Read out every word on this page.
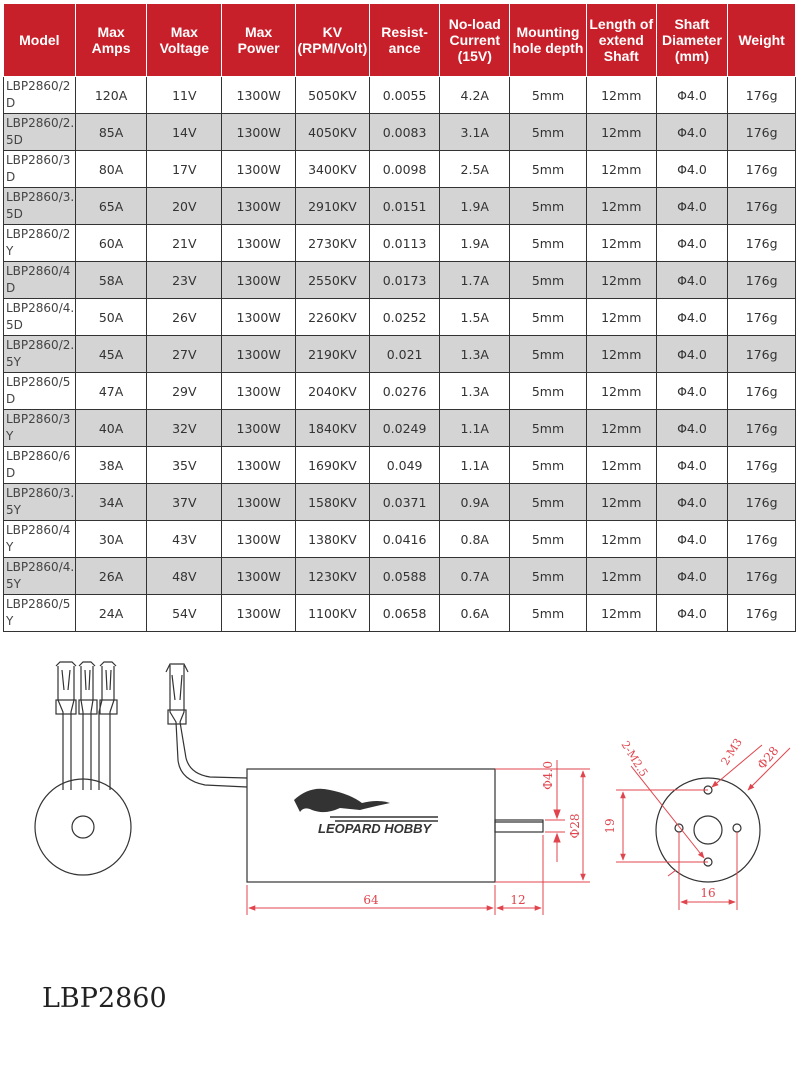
Model	Max Amps	Max Voltage	Max Power	KV (RPM/Volt)	Resist-ance	No-load Current (15V)	Mounting hole depth	Length of extend Shaft	Shaft Diameter (mm)	Weight
LBP2860/2D	120A	11V	1300W	5050KV	0.0055	4.2A	5mm	12mm	Φ4.0	176g
LBP2860/2.5D	85A	14V	1300W	4050KV	0.0083	3.1A	5mm	12mm	Φ4.0	176g
LBP2860/3D	80A	17V	1300W	3400KV	0.0098	2.5A	5mm	12mm	Φ4.0	176g
LBP2860/3.5D	65A	20V	1300W	2910KV	0.0151	1.9A	5mm	12mm	Φ4.0	176g
LBP2860/2Y	60A	21V	1300W	2730KV	0.0113	1.9A	5mm	12mm	Φ4.0	176g
LBP2860/4D	58A	23V	1300W	2550KV	0.0173	1.7A	5mm	12mm	Φ4.0	176g
LBP2860/4.5D	50A	26V	1300W	2260KV	0.0252	1.5A	5mm	12mm	Φ4.0	176g
LBP2860/2.5Y	45A	27V	1300W	2190KV	0.021	1.3A	5mm	12mm	Φ4.0	176g
LBP2860/5D	47A	29V	1300W	2040KV	0.0276	1.3A	5mm	12mm	Φ4.0	176g
LBP2860/3Y	40A	32V	1300W	1840KV	0.0249	1.1A	5mm	12mm	Φ4.0	176g
LBP2860/6D	38A	35V	1300W	1690KV	0.049	1.1A	5mm	12mm	Φ4.0	176g
LBP2860/3.5Y	34A	37V	1300W	1580KV	0.0371	0.9A	5mm	12mm	Φ4.0	176g
LBP2860/4Y	30A	43V	1300W	1380KV	0.0416	0.8A	5mm	12mm	Φ4.0	176g
LBP2860/4.5Y	26A	48V	1300W	1230KV	0.0588	0.7A	5mm	12mm	Φ4.0	176g
LBP2860/5Y	24A	54V	1300W	1100KV	0.0658	0.6A	5mm	12mm	Φ4.0	176g
LEOPARD HOBBY
64	12
Φ4.0
Φ28 19
16
2-M2.5	2-M3 Φ28
LBP2860
